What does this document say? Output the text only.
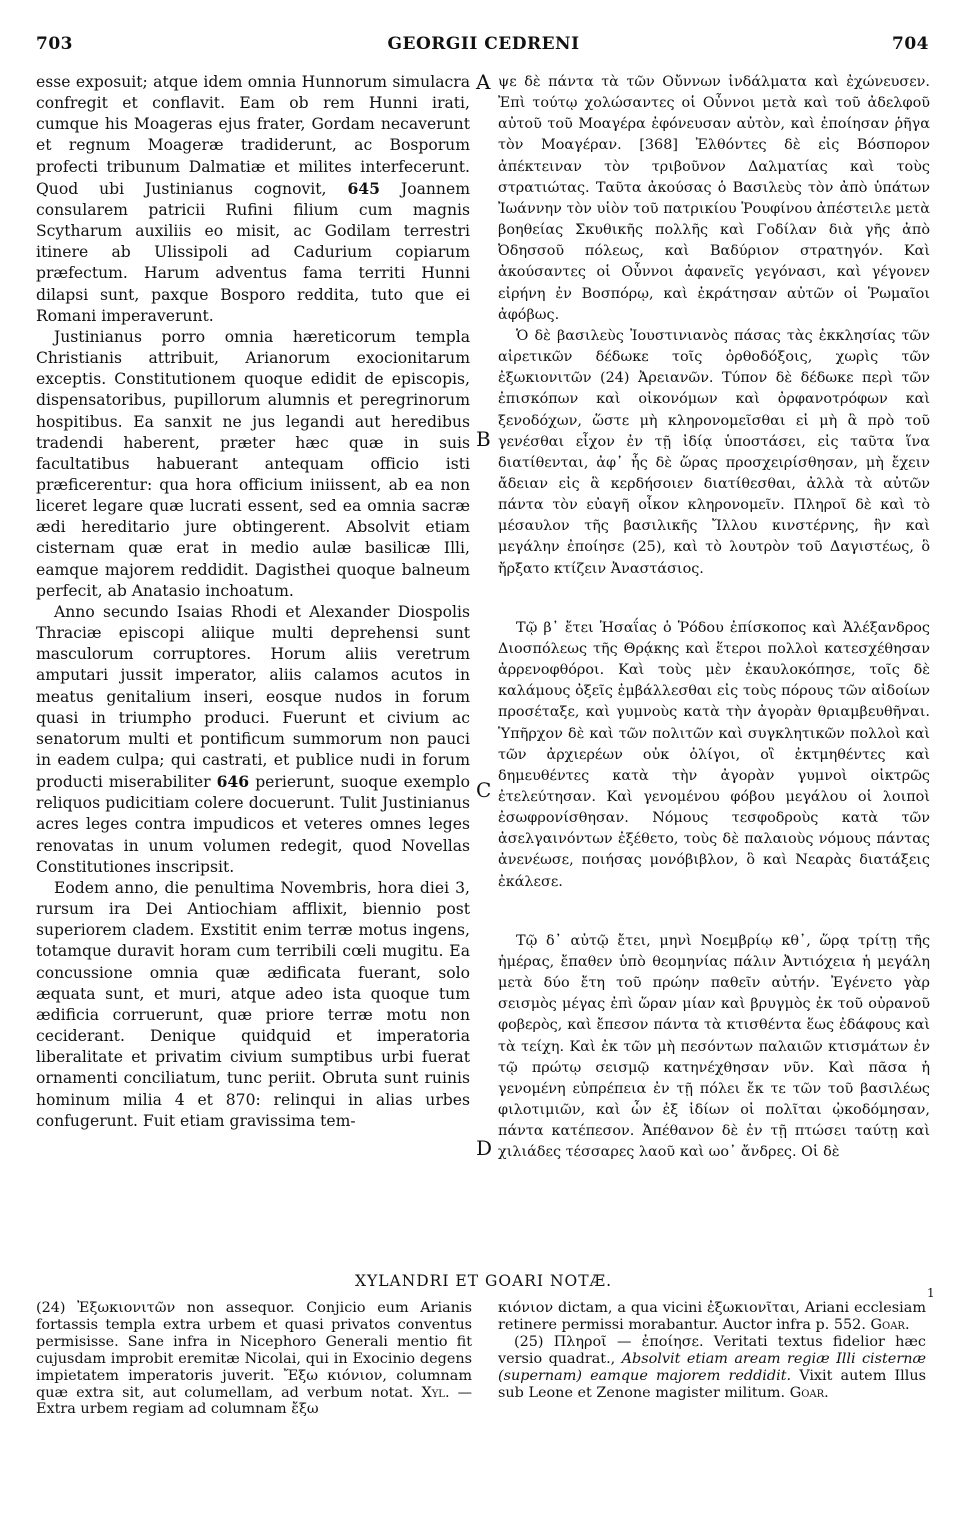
GEORGII CEDRENI
703	704
A
B
C
D

esse exposuit; atque idem omnia Hunnorum simulacra confregit et conflavit. Eam ob rem Hunni irati, cumque his Moageras ejus frater, Gordam necaverunt et regnum Moageræ tradiderunt, ac Bosporum profecti tribunum Dalmatiæ et milites interfecerunt. Quod ubi Justinianus cognovit, 645 Joannem consularem patricii Rufini filium cum magnis Scytharum auxiliis eo misit, ac Godilam terrestri itinere ab Ulissipoli ad Cadurium copiarum præfectum. Harum adventus fama territi Hunni dilapsi sunt, paxque Bosporo reddita, tuto que ei Romani imperaverunt.

Justinianus porro omnia hæreticorum templa Christianis attribuit, Arianorum exocionitarum exceptis. Constitutionem quoque edidit de episcopis, dispensatoribus, pupillorum alumnis et peregrinorum hospitibus. Ea sanxit ne jus legandi aut heredibus tradendi haberent, præter hæc quæ in suis facultatibus habuerant antequam officio isti præficerentur: qua hora officium iniissent, ab ea non liceret legare quæ lucrati essent, sed ea omnia sacræ ædi hereditario jure obtingerent. Absolvit etiam cisternam quæ erat in medio aulæ basilicæ Illi, eamque majorem reddidit. Dagisthei quoque balneum perfecit, ab Anatasio inchoatum.

Anno secundo Isaias Rhodi et Alexander Diospolis Thraciæ episcopi aliique multi deprehensi sunt masculorum corruptores. Horum aliis veretrum amputari jussit imperator, aliis calamos acutos in meatus genitalium inseri, eosque nudos in forum quasi in triumpho produci. Fuerunt et civium ac senatorum multi et pontificum summorum non pauci in eadem culpa; qui castrati, et publice nudi in forum producti miserabiliter 646 perierunt, suoque exemplo reliquos pudicitiam colere docuerunt. Tulit Justinianus acres leges contra impudicos et veteres omnes leges renovatas in unum volumen redegit, quod Novellas Constitutiones inscripsit.

Eodem anno, die penultima Novembris, hora diei 3, rursum ira Dei Antiochiam afflixit, biennio post superiorem cladem. Exstitit enim terræ motus ingens, totamque duravit horam cum terribili cœli mugitu. Ea concussione omnia quæ ædificata fuerant, solo æquata sunt, et muri, atque adeo ista quoque tum ædificia corruerunt, quæ priore terræ motu non ceciderant. Denique quidquid et imperatoria liberalitate et privatim civium sumptibus urbi fuerat ornamenti conciliatum, tunc periit. Obruta sunt ruinis hominum milia 4 et 870: relinqui in alias urbes confugerunt. Fuit etiam gravissima tem-

ψε δὲ πάντα τὰ τῶν Οὔννων ἰνδάλματα καὶ ἐχώνευσεν. Ἐπὶ τούτῳ χολώσαντες οἱ Οὖννοι μετὰ καὶ τοῦ ἀδελφοῦ αὐτοῦ τοῦ Μοαγέρα ἐφόνευσαν αὐτὸν, καὶ ἐποίησαν ῥῆγα τὸν Μοαγέραν. [368] Ἐλθόντες δὲ εἰς Βόσπορον ἀπέκτειναν τὸν τριβοῦνον Δαλματίας καὶ τοὺς στρατιώτας. Ταῦτα ἀκούσας ὁ Βασιλεὺς τὸν ἀπὸ ὑπάτων Ἰωάννην τὸν υἱὸν τοῦ πατρικίου Ῥουφίνου ἀπέστειλε μετὰ βοηθείας Σκυθικῆς πολλῆς καὶ Γοδίλαν διὰ γῆς ἀπὸ Ὀδησσοῦ πόλεως, καὶ Βαδύριον στρατηγόν. Καὶ ἀκούσαντες οἱ Οὖννοι ἀφανεῖς γεγόνασι, καὶ γέγονεν εἰρήνη ἐν Βοσπόρῳ, καὶ ἐκράτησαν αὐτῶν οἱ Ῥωμαῖοι ἀφόβως.

Ὁ δὲ βασιλεὺς Ἰουστινιανὸς πάσας τὰς ἐκκλησίας τῶν αἱρετικῶν δέδωκε τοῖς ὀρθοδόξοις, χωρὶς τῶν ἐξωκιονιτῶν (24) Ἀρειανῶν. Τύπον δὲ δέδωκε περὶ τῶν ἐπισκόπων καὶ οἰκονόμων καὶ ὀρφανοτρόφων καὶ ξενοδόχων, ὥστε μὴ κληρονομεῖσθαι εἰ μὴ ἃ πρὸ τοῦ γενέσθαι εἶχον ἐν τῇ ἰδίᾳ ὑποστάσει, εἰς ταῦτα ἵνα διατίθενται, ἀφ᾽ ἧς δὲ ὥρας προσχειρίσθησαν, μὴ ἔχειν ἄδειαν εἰς ἃ κερδήσοιεν διατίθεσθαι, ἀλλὰ τὰ αὐτῶν πάντα τὸν εὐαγῆ οἶκον κληρονομεῖν. Πληροῖ δὲ καὶ τὸ μέσαυλον τῆς βασιλικῆς Ἴλλου κινστέρνης, ἣν καὶ μεγάλην ἐποίησε (25), καὶ τὸ λουτρὸν τοῦ Δαγιστέως, ὃ ἤρξατο κτίζειν Ἀναστάσιος.

Τῷ β᾽ ἔτει Ἡσαΐας ὁ Ῥόδου ἐπίσκοπος καὶ Ἀλέξανδρος Διοσπόλεως τῆς Θρᾴκης καὶ ἕτεροι πολλοὶ κατεσχέθησαν ἀρρενοφθόροι. Καὶ τοὺς μὲν ἐκαυλοκόπησε, τοῖς δὲ καλάμους ὀξεῖς ἐμβάλλεσθαι εἰς τοὺς πόρους τῶν αἰδοίων προσέταξε, καὶ γυμνοὺς κατὰ τὴν ἀγορὰν θριαμβευθῆναι. Ὑπῆρχον δὲ καὶ τῶν πολιτῶν καὶ συγκλητικῶν πολλοὶ καὶ τῶν ἀρχιερέων οὐκ ὀλίγοι, οἳ ἐκτμηθέντες καὶ δημευθέντες κατὰ τὴν ἀγορὰν γυμνοὶ οἰκτρῶς ἐτελεύτησαν. Καὶ γενομένου φόβου μεγάλου οἱ λοιποὶ ἐσωφρονίσθησαν. Νόμους τεσφοδροὺς κατὰ τῶν ἀσελγαινόντων ἐξέθετο, τοὺς δὲ παλαιοὺς νόμους πάντας ἀνενέωσε, ποιήσας μονόβιβλον, ὃ καὶ Νεαρὰς διατάξεις ἐκάλεσε.

Τῷ δ᾽ αὐτῷ ἔτει, μηνὶ Νοεμβρίῳ κθ᾽, ὥρᾳ τρίτῃ τῆς ἡμέρας, ἔπαθεν ὑπὸ θεομηνίας πάλιν Ἀντιόχεια ἡ μεγάλη μετὰ δύο ἔτη τοῦ πρώην παθεῖν αὐτήν. Ἐγένετο γὰρ σεισμὸς μέγας ἐπὶ ὥραν μίαν καὶ βρυγμὸς ἐκ τοῦ οὐρανοῦ φοβερὸς, καὶ ἔπεσον πάντα τὰ κτισθέντα ἕως ἐδάφους καὶ τὰ τείχη. Καὶ ἐκ τῶν μὴ πεσόντων παλαιῶν κτισμάτων ἐν τῷ πρώτῳ σεισμῷ κατηνέχθησαν νῦν. Καὶ πᾶσα ἡ γενομένη εὐπρέπεια ἐν τῇ πόλει ἔκ τε τῶν τοῦ βασιλέως φιλοτιμιῶν, καὶ ὧν ἐξ ἰδίων οἱ πολῖται ᾠκοδόμησαν, πάντα κατέπεσον. Ἀπέθανον δὲ ἐν τῇ πτώσει ταύτῃ καὶ χιλιάδες τέσσαρες λαοῦ καὶ ωο᾽ ἄνδρες. Οἱ δὲ

XYLANDRI ET GOARI NOTÆ.
1

(24) Ἐξωκιονιτῶν non assequor. Conjicio eum Arianis fortassis templa extra urbem et quasi privatos conventus permisisse. Sane infra in Nicephoro Generali mentio fit cujusdam improbit eremitæ Nicolai, qui in Exocinio degens impietatem imperatoris juverit. Ἔξω κιόνιον, columnam quæ extra sit, aut columellam, ad verbum notat. Xyl. — Extra urbem regiam ad columnam ἔξω

κιόνιον dictam, a qua vicini ἐξωκιονῖται, Ariani ecclesiam retinere permissi morabantur. Auctor infra p. 552. Goar.

(25) Πληροῖ — ἐποίησε. Veritati textus fidelior hæc versio quadrat., Absolvit etiam aream regiæ Illi cisternæ (supernam) eamque majorem reddidit. Vixit autem Illus sub Leone et Zenone magister militum. Goar.
